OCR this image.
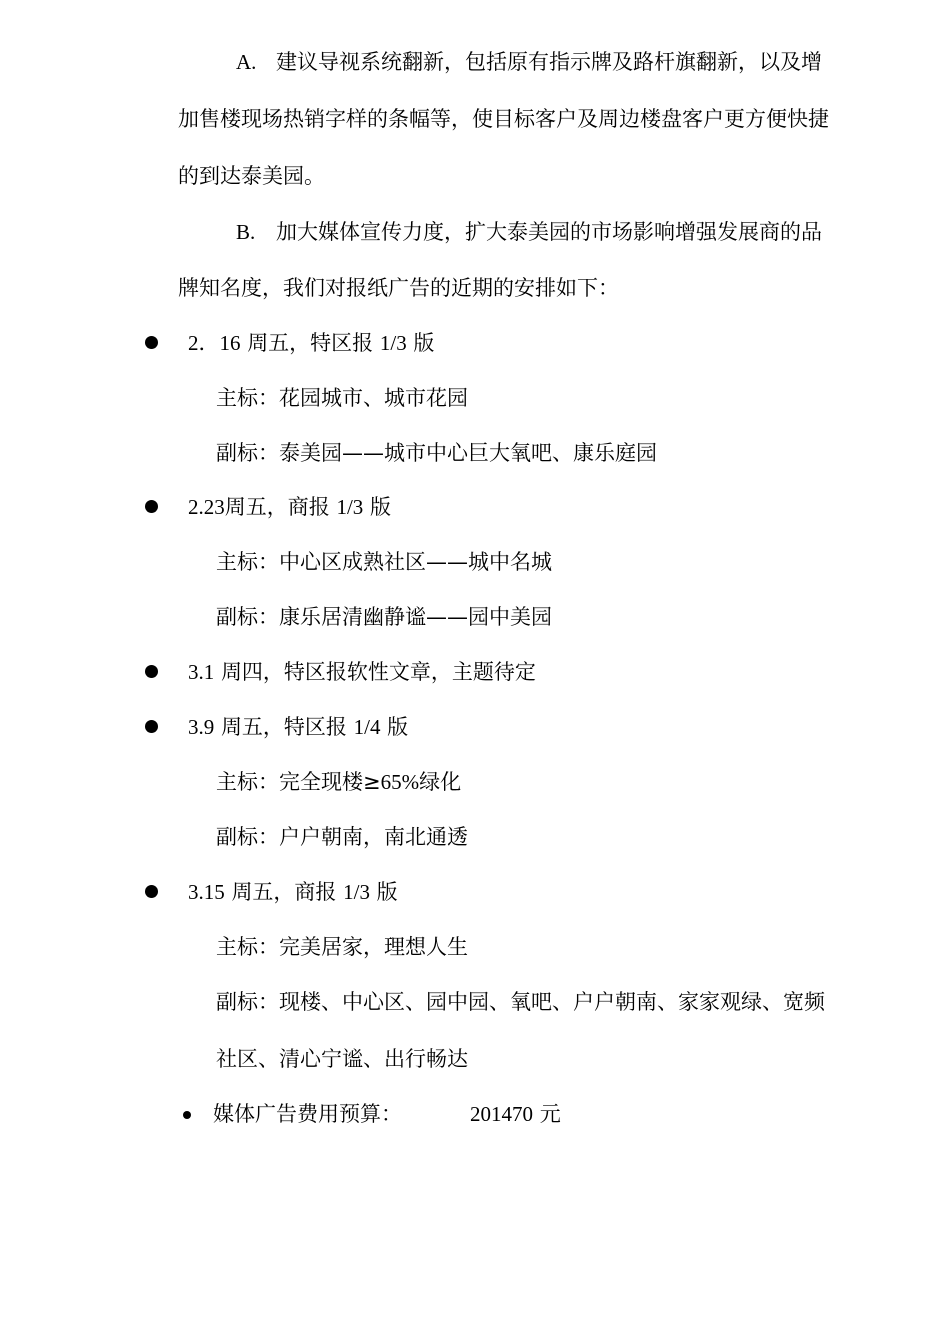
A. 建议导视系统翻新，包括原有指示牌及路杆旗翻新，以及增
加售楼现场热销字样的条幅等，使目标客户及周边楼盘客户更方便快捷
的到达泰美园。
B. 加大媒体宣传力度，扩大泰美园的市场影响增强发展商的品
牌知名度，我们对报纸广告的近期的安排如下：
2．16 周五，特区报 1/3 版
主标：花园城市、城市花园
副标：泰美园——城市中心巨大氧吧、康乐庭园
2.23周五，商报 1/3 版
主标：中心区成熟社区——城中名城
副标：康乐居清幽静谧——园中美园
3.1 周四，特区报软性文章，主题待定
3.9 周五，特区报 1/4 版
主标：完全现楼≥65%绿化
副标：户户朝南，南北通透
3.15 周五，商报 1/3 版
主标：完美居家，理想人生
副标：现楼、中心区、园中园、氧吧、户户朝南、家家观绿、宽频
社区、清心宁谧、出行畅达
媒体广告费用预算：	201470 元
